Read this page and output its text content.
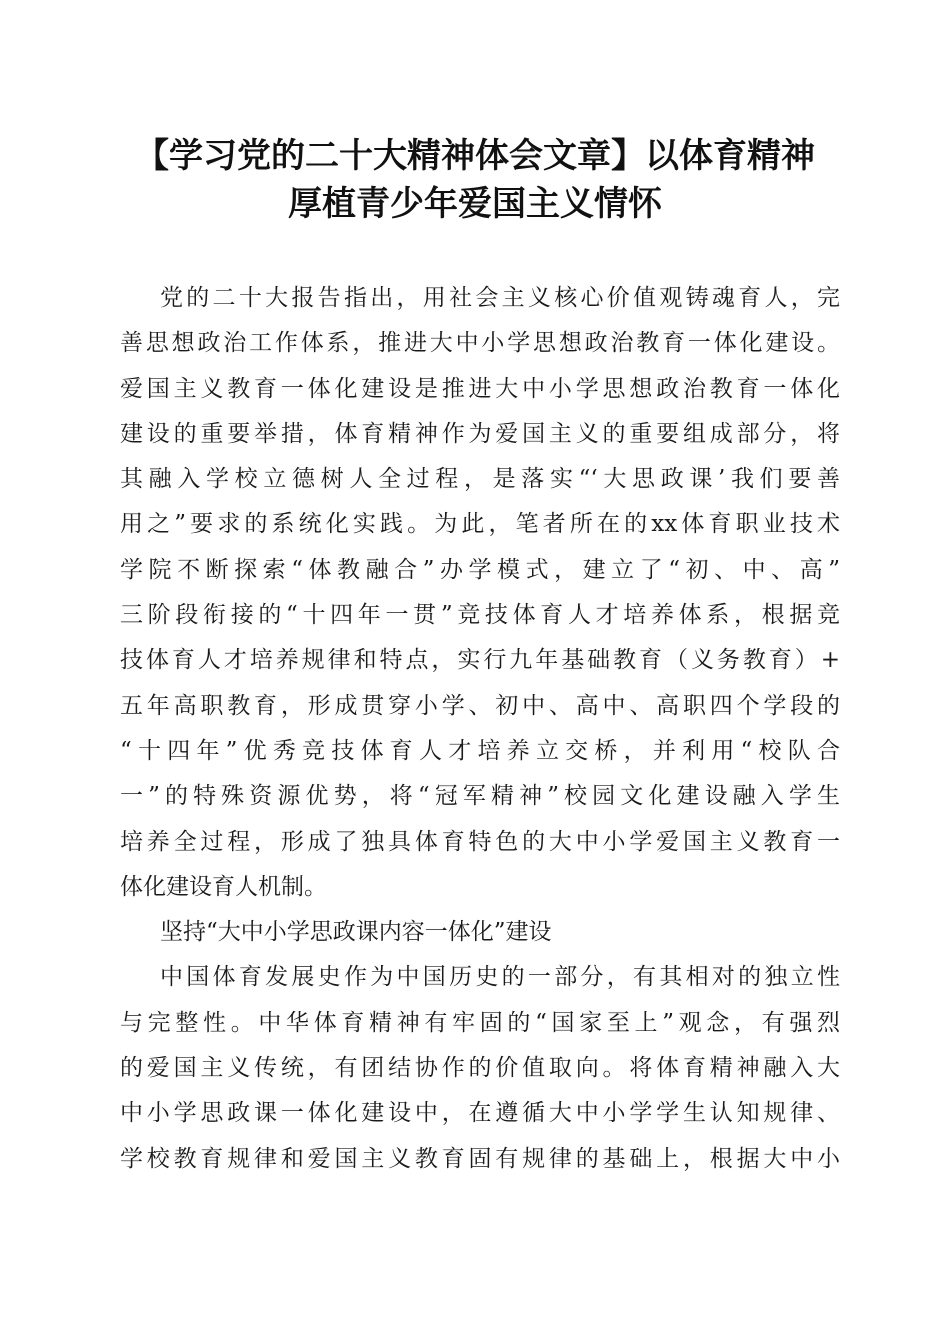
【学习党的二十大精神体会文章】以体育精神
厚植青少年爱国主义情怀
党的二十大报告指出，用社会主义核心价值观铸魂育人，完
善思想政治工作体系，推进大中小学思想政治教育一体化建设。
爱国主义教育一体化建设是推进大中小学思想政治教育一体化
建设的重要举措，体育精神作为爱国主义的重要组成部分，将
其融入学校立德树人全过程，是落实“‘大思政课’我们要善
用之”要求的系统化实践。为此，笔者所在的xx体育职业技术
学院不断探索“体教融合”办学模式，建立了“初、中、高”
三阶段衔接的“十四年一贯”竞技体育人才培养体系，根据竞
技体育人才培养规律和特点，实行九年基础教育（义务教育）+
五年高职教育，形成贯穿小学、初中、高中、高职四个学段的
“十四年”优秀竞技体育人才培养立交桥，并利用“校队合
一”的特殊资源优势，将“冠军精神”校园文化建设融入学生
培养全过程，形成了独具体育特色的大中小学爱国主义教育一
体化建设育人机制。
坚持“大中小学思政课内容一体化”建设
中国体育发展史作为中国历史的一部分，有其相对的独立性
与完整性。中华体育精神有牢固的“国家至上”观念，有强烈
的爱国主义传统，有团结协作的价值取向。将体育精神融入大
中小学思政课一体化建设中，在遵循大中小学学生认知规律、
学校教育规律和爱国主义教育固有规律的基础上，根据大中小
